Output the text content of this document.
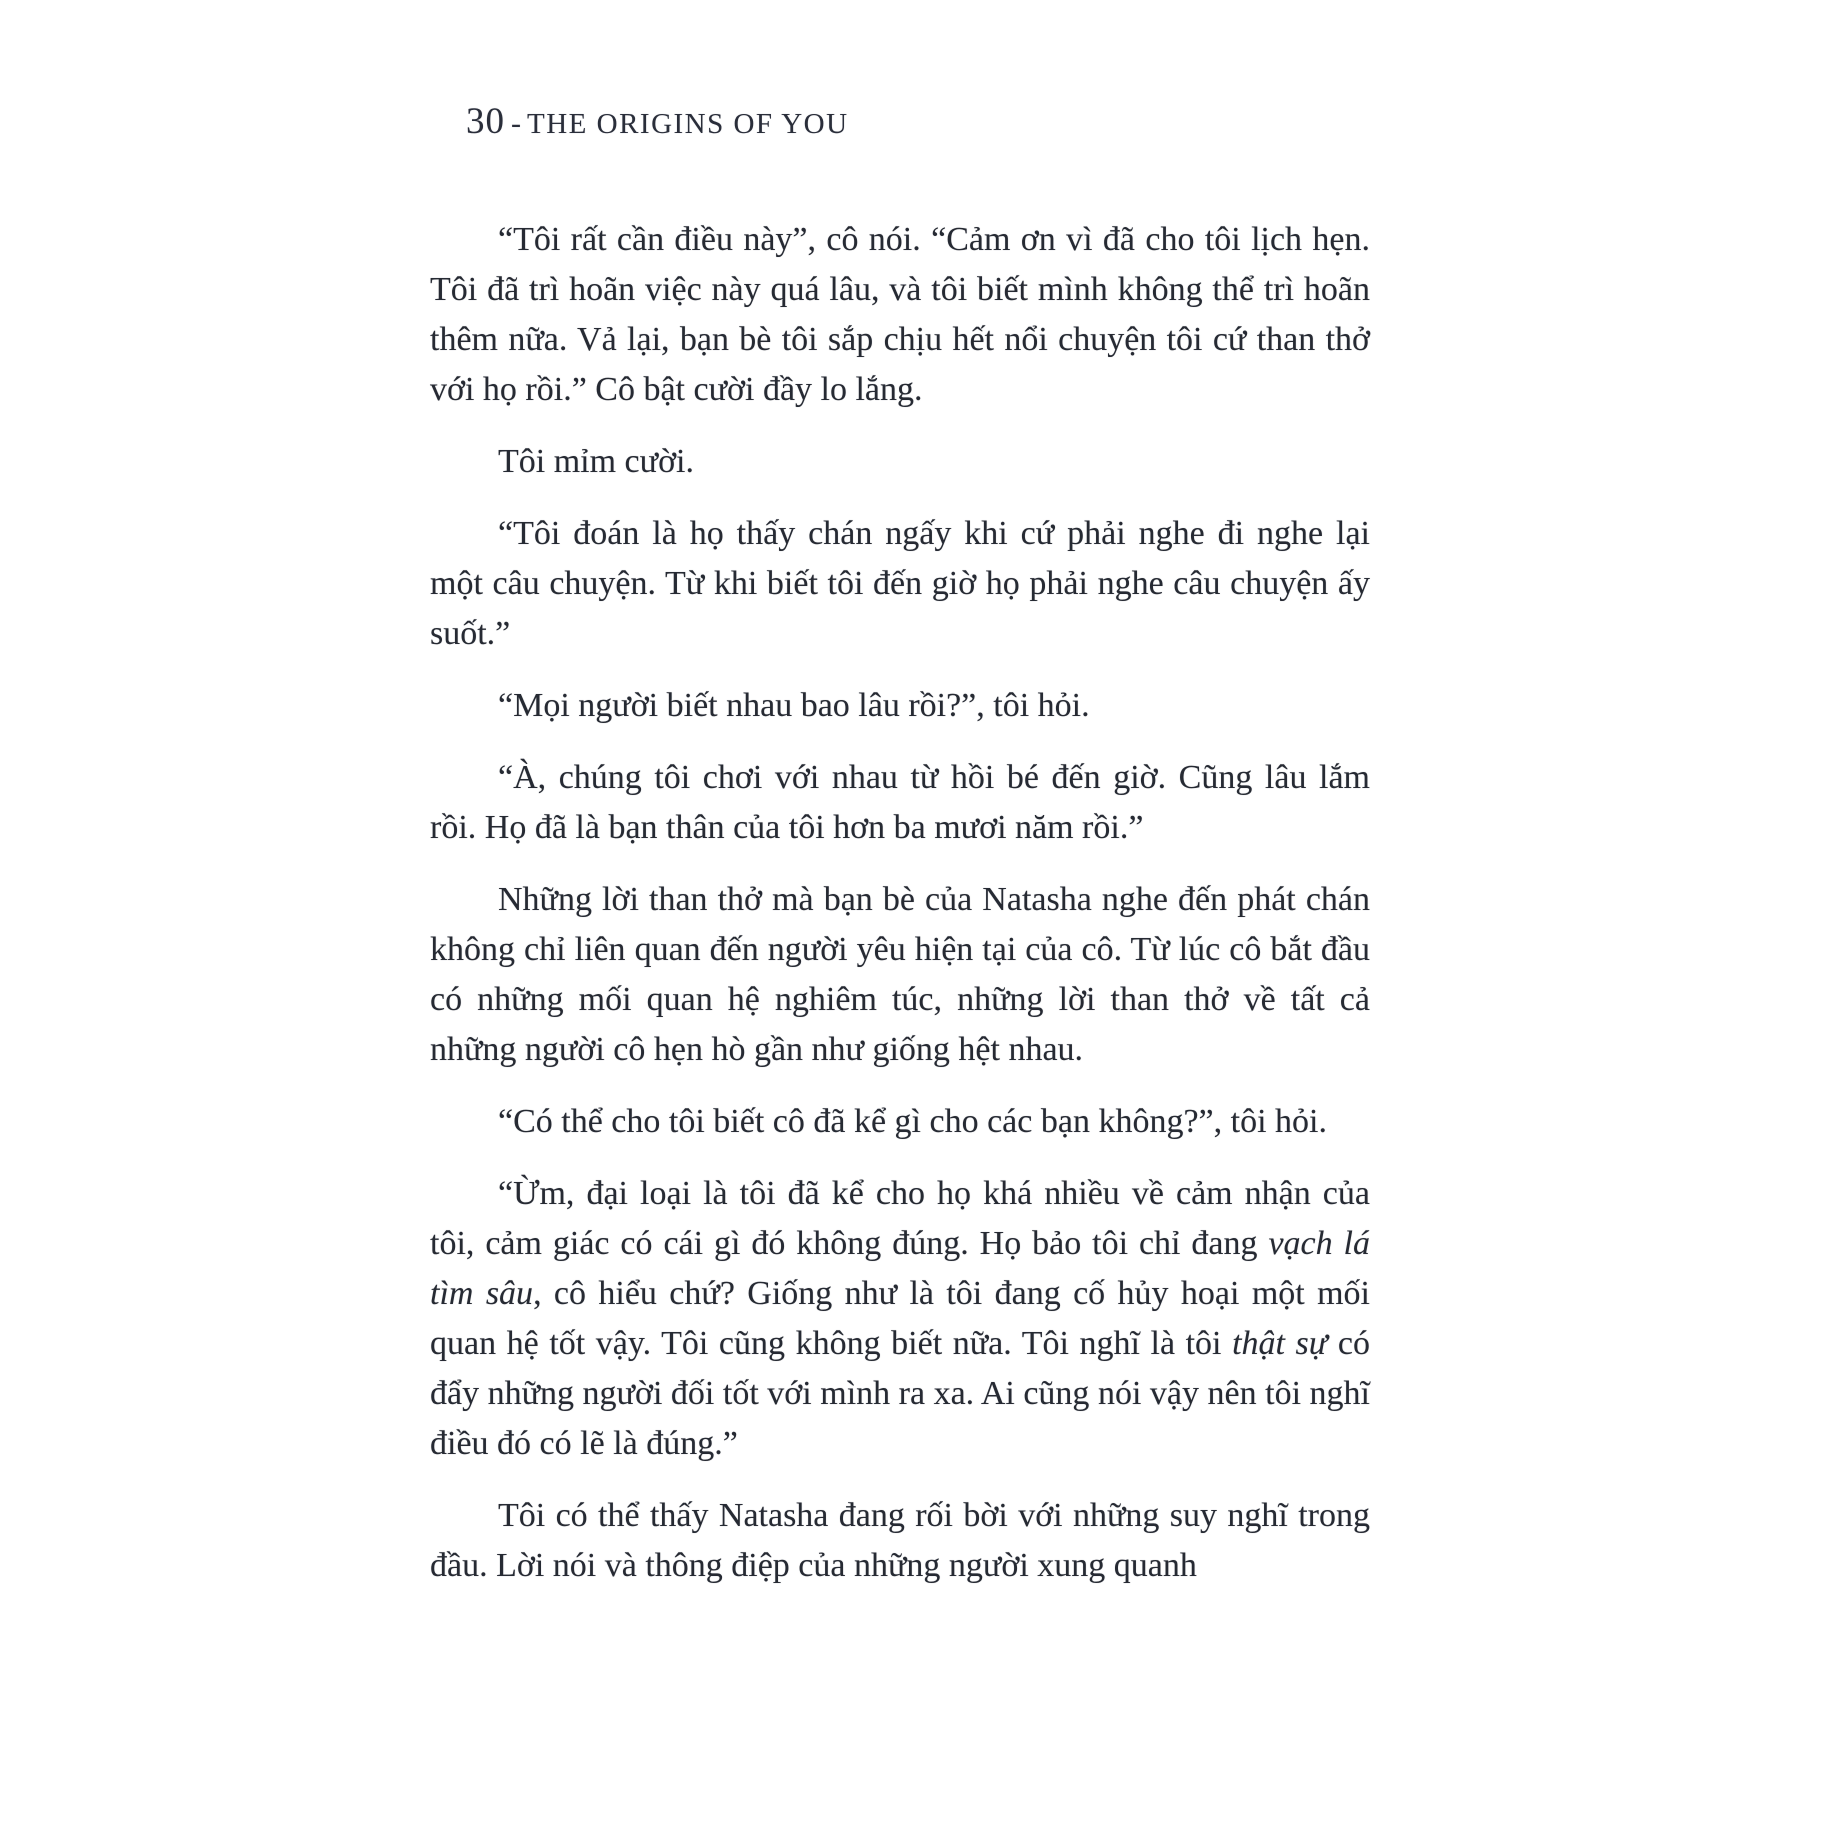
30 - THE ORIGINS OF YOU

“Tôi rất cần điều này”, cô nói. “Cảm ơn vì đã cho tôi lịch hẹn. Tôi đã trì hoãn việc này quá lâu, và tôi biết mình không thể trì hoãn thêm nữa. Vả lại, bạn bè tôi sắp chịu hết nổi chuyện tôi cứ than thở với họ rồi.” Cô bật cười đầy lo lắng.

Tôi mỉm cười.

“Tôi đoán là họ thấy chán ngấy khi cứ phải nghe đi nghe lại một câu chuyện. Từ khi biết tôi đến giờ họ phải nghe câu chuyện ấy suốt.”

“Mọi người biết nhau bao lâu rồi?”, tôi hỏi.

“À, chúng tôi chơi với nhau từ hồi bé đến giờ. Cũng lâu lắm rồi. Họ đã là bạn thân của tôi hơn ba mươi năm rồi.”

Những lời than thở mà bạn bè của Natasha nghe đến phát chán không chỉ liên quan đến người yêu hiện tại của cô. Từ lúc cô bắt đầu có những mối quan hệ nghiêm túc, những lời than thở về tất cả những người cô hẹn hò gần như giống hệt nhau.

“Có thể cho tôi biết cô đã kể gì cho các bạn không?”, tôi hỏi.

“Ừm, đại loại là tôi đã kể cho họ khá nhiều về cảm nhận của tôi, cảm giác có cái gì đó không đúng. Họ bảo tôi chỉ đang vạch lá tìm sâu, cô hiểu chứ? Giống như là tôi đang cố hủy hoại một mối quan hệ tốt vậy. Tôi cũng không biết nữa. Tôi nghĩ là tôi thật sự có đẩy những người đối tốt với mình ra xa. Ai cũng nói vậy nên tôi nghĩ điều đó có lẽ là đúng.”

Tôi có thể thấy Natasha đang rối bời với những suy nghĩ trong đầu. Lời nói và thông điệp của những người xung quanh
